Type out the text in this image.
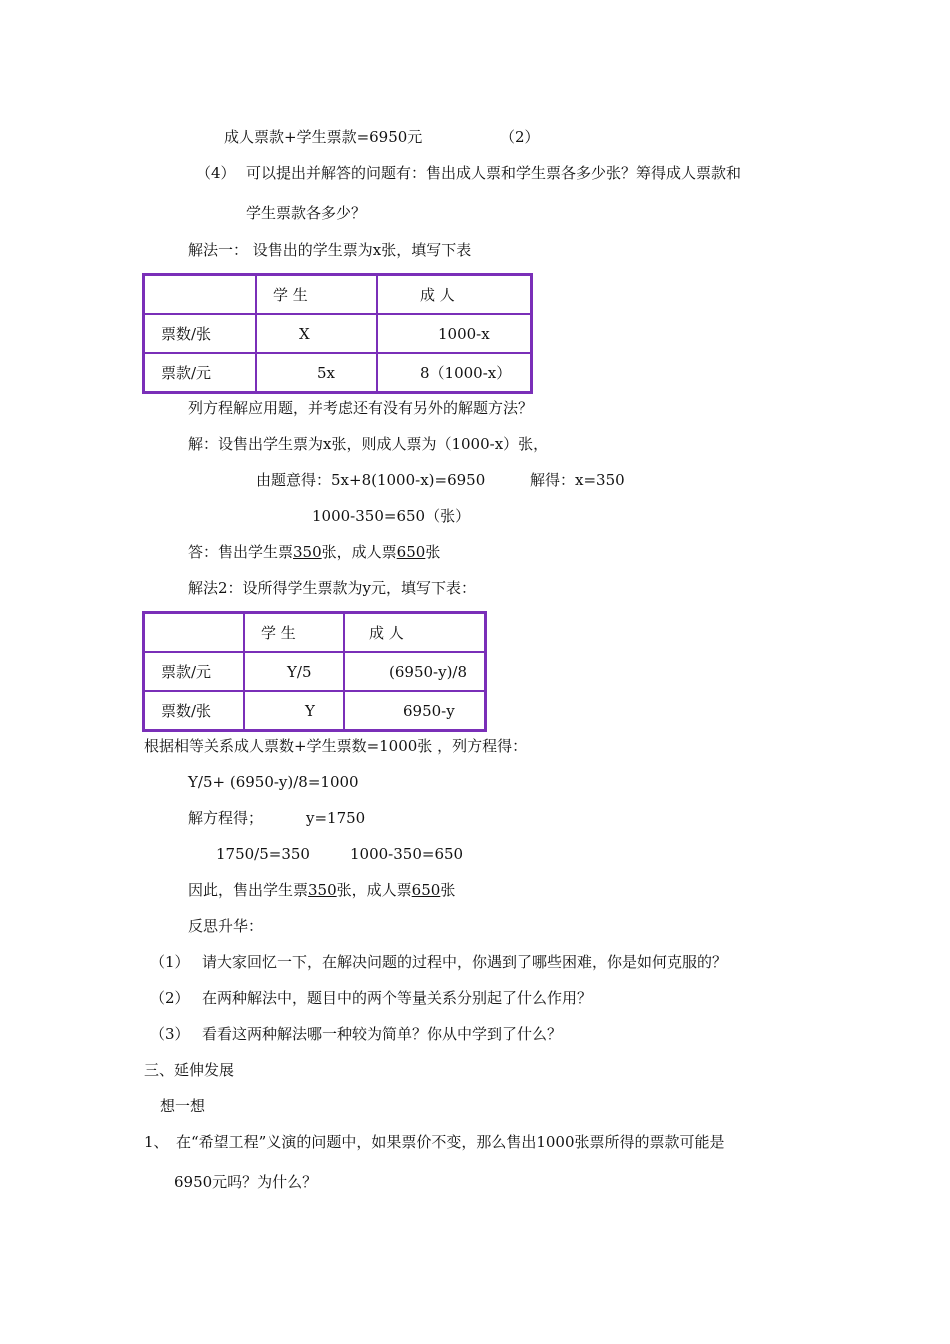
成人票款+学生票款=6950元	（2）
（4） 可以提出并解答的问题有：售出成人票和学生票各多少张？筹得成人票款和
学生票款各多少？
解法一： 设售出的学生票为x张，填写下表
	学 生	成 人
票数/张	X	1000-x
票款/元	5x	8（1000-x）
列方程解应用题，并考虑还有没有另外的解题方法？
解：设售出学生票为x张，则成人票为（1000-x）张，
由题意得：5x+8(1000-x)=6950	解得：x=350
1000-350=650（张）
答：售出学生票350张，成人票650张
解法2：设所得学生票款为y元，填写下表：
	学 生	成 人
票款/元	Y/5	(6950-y)/8
票数/张	Y	6950-y
根据相等关系成人票数+学生票数=1000张 ，列方程得：
Y/5+ (6950-y)/8=1000
解方程得；	y=1750
1750/5=350	1000-350=650
因此，售出学生票350张，成人票650张
反思升华：
（1） 请大家回忆一下，在解决问题的过程中，你遇到了哪些困难，你是如何克服的？
（2） 在两种解法中，题目中的两个等量关系分别起了什么作用？
（3） 看看这两种解法哪一种较为简单？你从中学到了什么？
三、延伸发展
想一想
1、 在“希望工程”义演的问题中，如果票价不变，那么售出1000张票所得的票款可能是
6950元吗？为什么？
